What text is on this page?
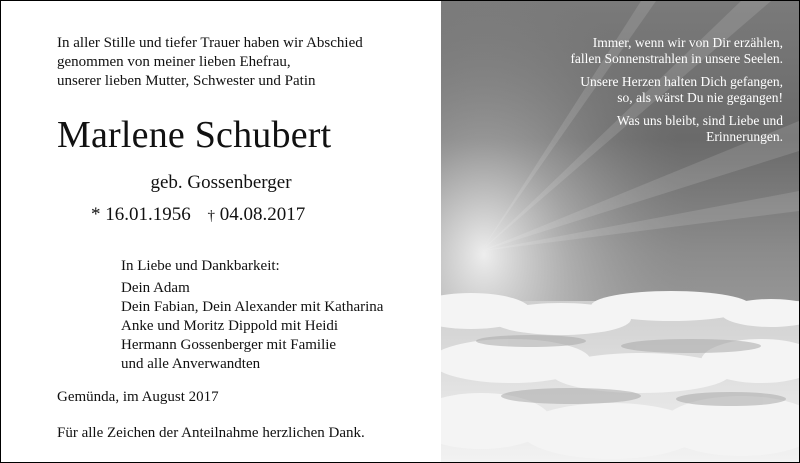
In aller Stille und tiefer Trauer haben wir Abschied
genommen von meiner lieben Ehefrau,
unserer lieben Mutter, Schwester und Patin
Marlene Schubert
geb. Gossenberger
* 16.01.1956 † 04.08.2017
In Liebe und Dankbarkeit:
Dein Adam
Dein Fabian, Dein Alexander mit Katharina
Anke und Moritz Dippold mit Heidi
Hermann Gossenberger mit Familie
und alle Anverwandten
Gemünda, im August 2017
Für alle Zeichen der Anteilnahme herzlichen Dank.

Immer, wenn wir von Dir erzählen,
fallen Sonnenstrahlen in unsere Seelen.

Unsere Herzen halten Dich gefangen,
so, als wärst Du nie gegangen!

Was uns bleibt, sind Liebe und
Erinnerungen.
